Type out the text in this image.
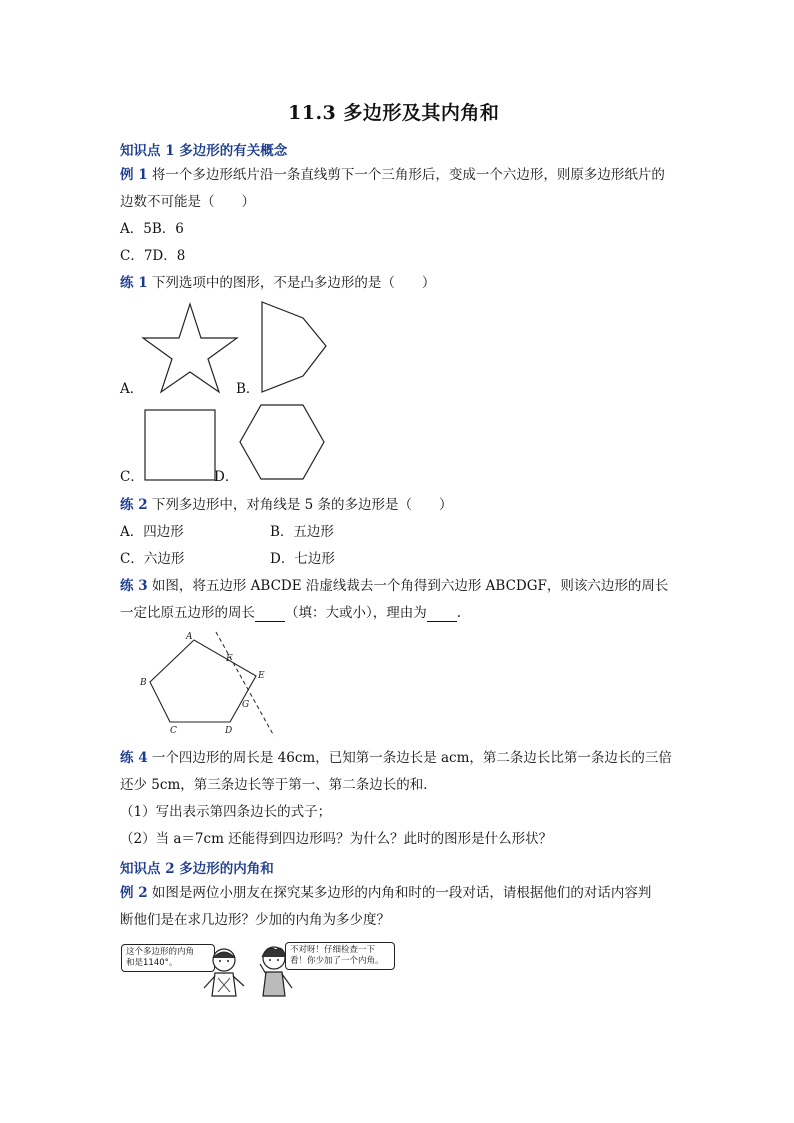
11.3 多边形及其内角和
知识点 1 多边形的有关概念
例 1 将一个多边形纸片沿一条直线剪下一个三角形后，变成一个六边形，则原多边形纸片的
边数不可能是（　　）
A．5B．6
C．7D．8
练 1 下列选项中的图形，不是凸多边形的是（　　）
A．	B．
C．	D．
练 2 下列多边形中，对角线是 5 条的多边形是（　　）
A．四边形	B．五边形
C．六边形	D．七边形
练 3 如图，将五边形 ABCDE 沿虚线裁去一个角得到六边形 ABCDGF，则该六边形的周长
一定比原五边形的周长 （填：大或小），理由为 .
A
B
C	D
E
F
G
练 4 一个四边形的周长是 46cm，已知第一条边长是 acm，第二条边长比第一条边长的三倍
还少 5cm，第三条边长等于第一、第二条边长的和．
（1）写出表示第四条边长的式子；
（2）当 a＝7cm 还能得到四边形吗？为什么？此时的图形是什么形状？
知识点 2 多边形的内角和
例 2 如图是两位小朋友在探究某多边形的内角和时的一段对话，请根据他们的对话内容判
断他们是在求几边形？少加的内角为多少度？
这个多边形的内角
和是1140°。
不对呀！仔细检查一下
看！你少加了一个内角。
